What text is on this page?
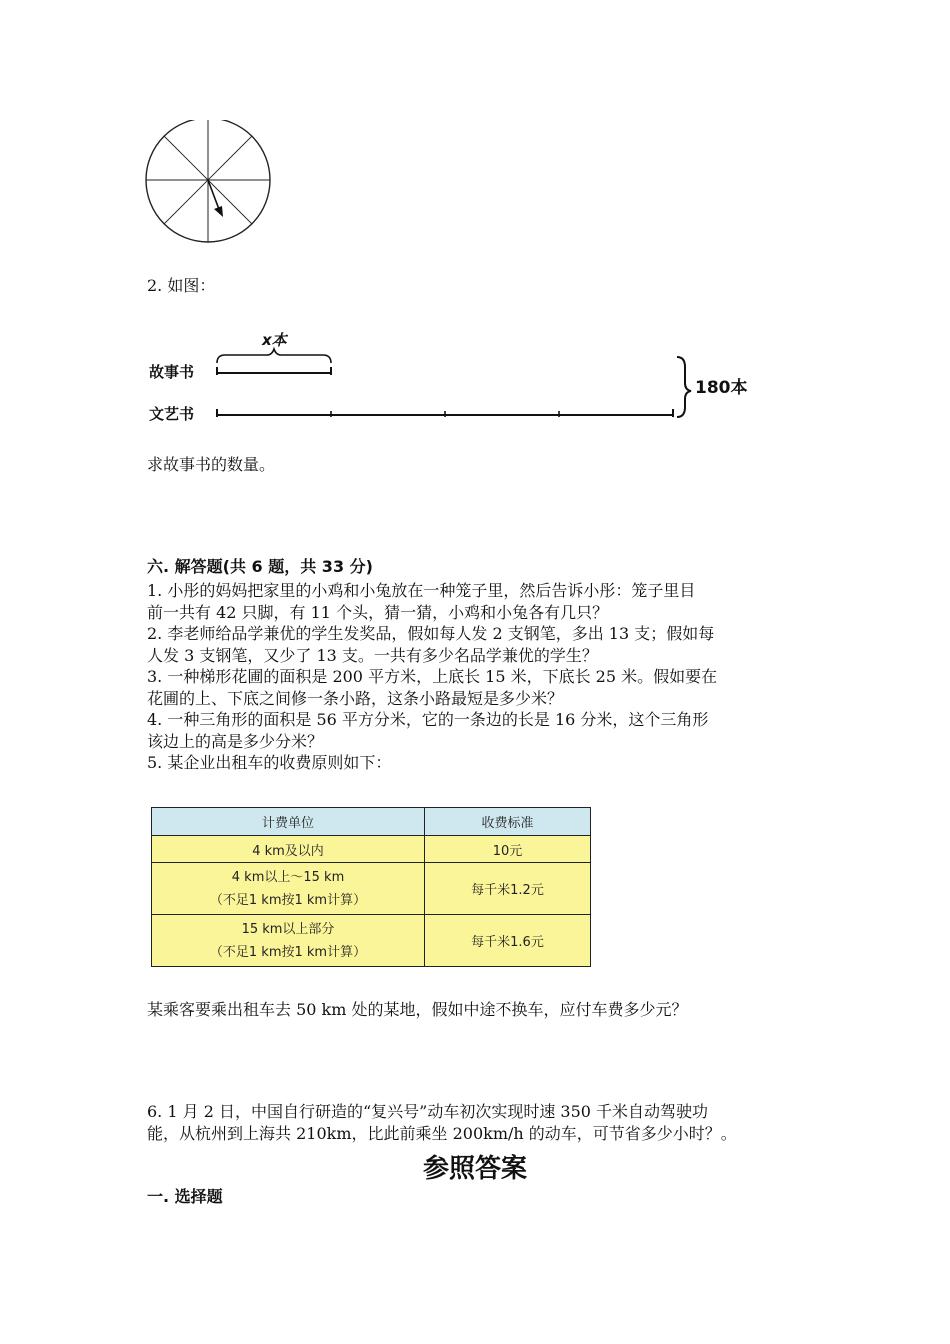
2. 如图：
故事书
文艺书
x本
180本
求故事书的数量。
六. 解答题(共 6 题，共 33 分)
1. 小彤的妈妈把家里的小鸡和小兔放在一种笼子里，然后告诉小彤：笼子里目
前一共有 42 只脚，有 11 个头，猜一猜，小鸡和小兔各有几只？
2. 李老师给品学兼优的学生发奖品，假如每人发 2 支钢笔，多出 13 支；假如每
人发 3 支钢笔，又少了 13 支。一共有多少名品学兼优的学生？
3. 一种梯形花圃的面积是 200 平方米，上底长 15 米，下底长 25 米。假如要在
花圃的上、下底之间修一条小路，这条小路最短是多少米？
4. 一种三角形的面积是 56 平方分米，它的一条边的长是 16 分米，这个三角形
该边上的高是多少分米？
5. 某企业出租车的收费原则如下：
计费单位	收费标准
4 km及以内	10元

4 km以上～15 km
（不足1 km按1 km计算）	每千米1.2元

15 km以上部分
（不足1 km按1 km计算）	每千米1.6元
某乘客要乘出租车去 50 km 处的某地，假如中途不换车，应付车费多少元？
6. 1 月 2 日，中国自行研造的“复兴号”动车初次实现时速 350 千米自动驾驶功
能，从杭州到上海共 210km，比此前乘坐 200km/h 的动车，可节省多少小时？。
参照答案
一. 选择题
